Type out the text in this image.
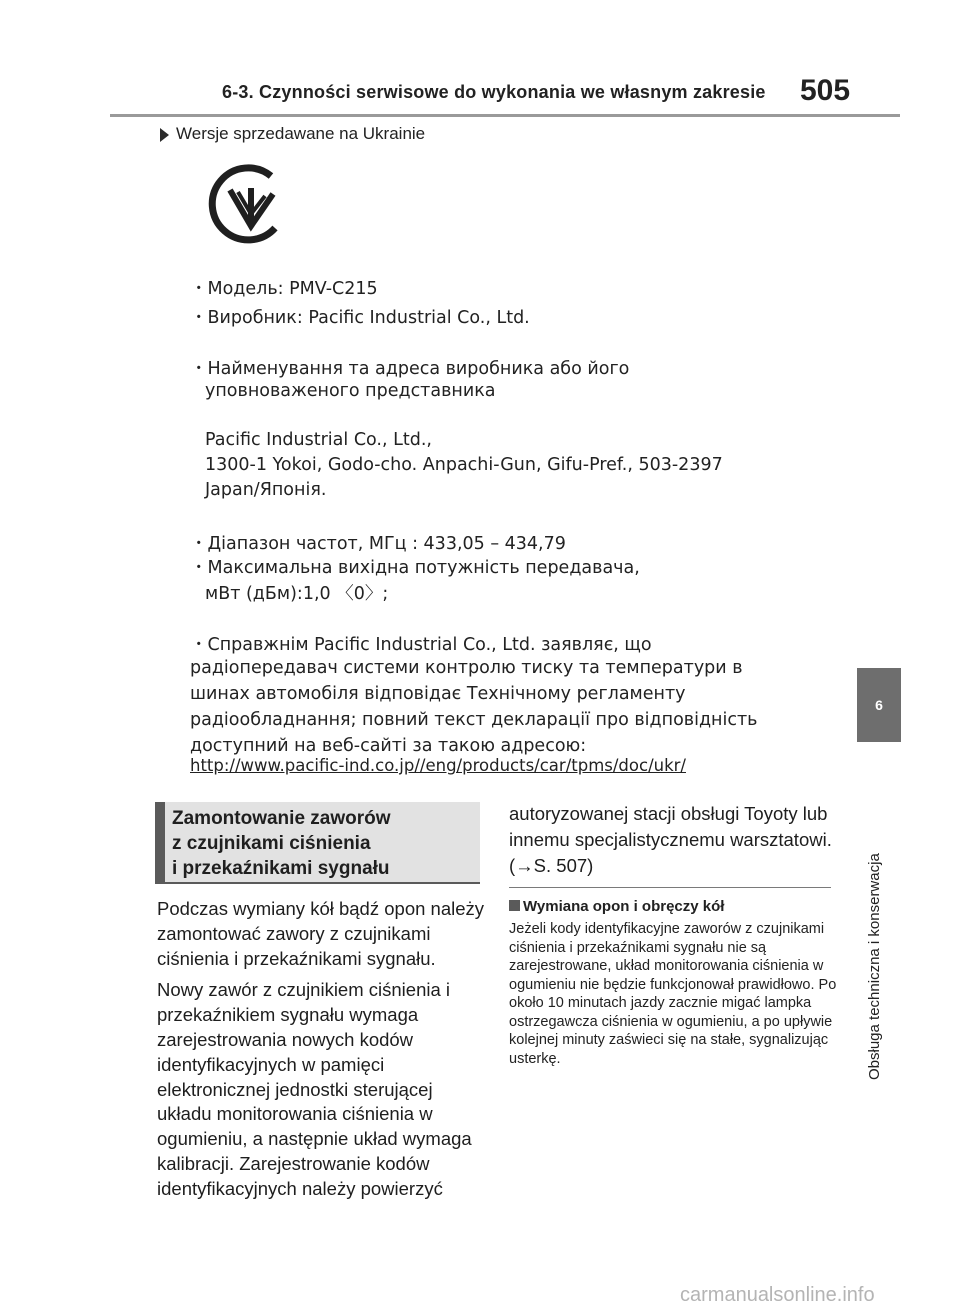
6-3. Czynności serwisowe do wykonania we własnym zakresie 505
Wersje sprzedawane na Ukrainie
・Модель: PMV-C215
・Виробник: Pacific Industrial Co., Ltd.
・Найменування та адреса виробника або його
уповноваженого представника
Pacific Industrial Co., Ltd.,
1300-1 Yokoi, Godo-cho. Anpachi-Gun, Gifu-Pref., 503-2397
Japan/Японія.
・Діапазон частот, МГц : 433,05 – 434,79
・Максимальна вихідна потужність передавача,
мВт (дБм):1,0 〈0〉;
・Справжнім Pacific Industrial Co., Ltd. заявляє, що
радіопередавач системи контролю тиску та температури в
шинах автомобіля відповідає Технічному регламенту
радіообладнання; повний текст декларації про відповідність
доступний на веб-сайті за такою адресою:
http://www.pacific-ind.co.jp//eng/products/car/tpms/doc/ukr/
6
Obsługa techniczna i konserwacja
Zamontowanie zaworów
z czujnikami ciśnienia
i przekaźnikami sygnału

Podczas wymiany kół bądź opon należy zamontować zawory z czujnikami ciśnienia i przekaźnikami sygnału.

Nowy zawór z czujnikiem ciśnienia i przekaźnikiem sygnału wymaga zarejestrowania nowych kodów identyfikacyjnych w pamięci elektronicznej jednostki sterującej układu monitorowania ciśnienia w ogumieniu, a następnie układ wymaga kalibracji. Zarejestrowanie kodów identyfikacyjnych należy powierzyć

autoryzowanej stacji obsługi Toyoty lub innemu specjalistycznemu warsztatowi. (→S. 507)
Wymiana opon i obręczy kół
Jeżeli kody identyfikacyjne zaworów z czujnikami ciśnienia i przekaźnikami sygnału nie są zarejestrowane, układ monitorowania ciśnienia w ogumieniu nie będzie funkcjonował prawidłowo. Po około 10 minutach jazdy zacznie migać lampka ostrzegawcza ciśnienia w ogumieniu, a po upływie kolejnej minuty zaświeci się na stałe, sygnalizując usterkę.
carmanualsonline.info
